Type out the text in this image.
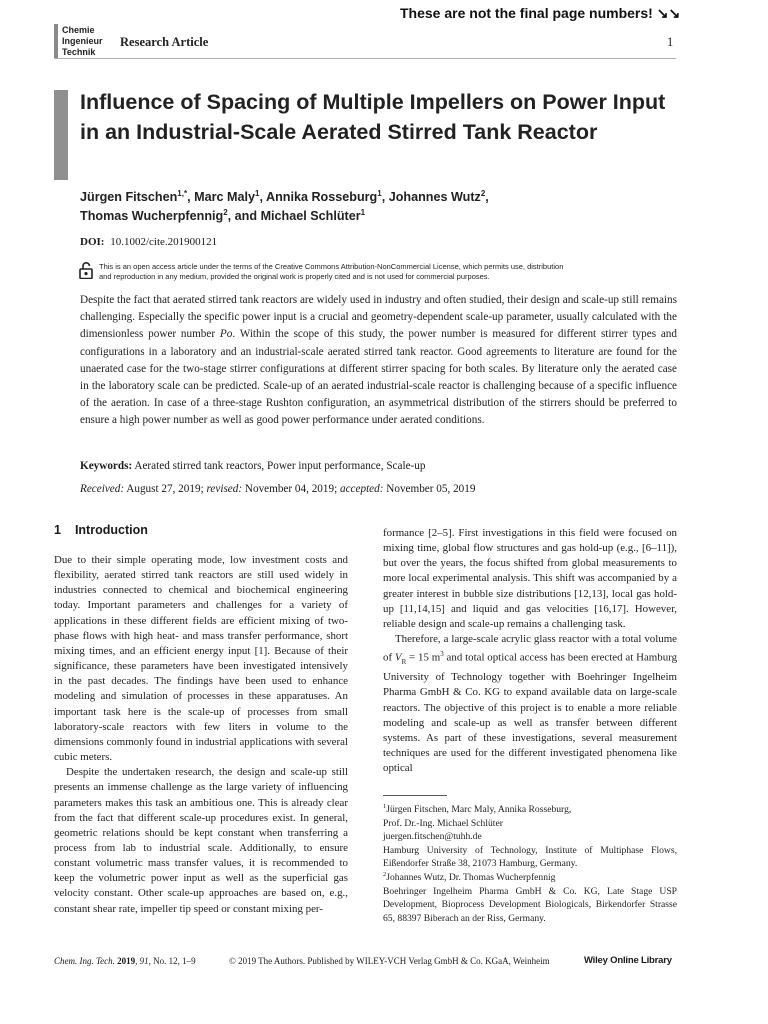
These are not the final page numbers! ↘↘
Chemie
Ingenieur
Technik
Research Article	1
Influence of Spacing of Multiple Impellers on Power Input in an Industrial-Scale Aerated Stirred Tank Reactor
Jürgen Fitschen$^{1,*}$, Marc Maly$^1$, Annika Rosseburg$^1$, Johannes Wutz$^2$,
Thomas Wucherpfennig$^2$, and Michael Schlüter$^1$
DOI: 10.1002/cite.201900121
This is an open access article under the terms of the Creative Commons Attribution-NonCommercial License, which permits use, distribution
and reproduction in any medium, provided the original work is properly cited and is not used for commercial purposes.
Despite the fact that aerated stirred tank reactors are widely used in industry and often studied, their design and scale-up still remains challenging. Especially the specific power input is a crucial and geometry-dependent scale-up parameter, usually calculated with the dimensionless power number Po. Within the scope of this study, the power number is measured for different stirrer types and configurations in a laboratory and an industrial-scale aerated stirred tank reactor. Good agreements to literature are found for the unaerated case for the two-stage stirrer configurations at different stirrer spacing for both scales. By literature only the aerated case in the laboratory scale can be predicted. Scale-up of an aerated industrial-scale reactor is challenging because of a specific influence of the aeration. In case of a three-stage Rushton configuration, an asymmetrical distribution of the stirrers should be preferred to ensure a high power number as well as good power performance under aerated conditions.
Keywords: Aerated stirred tank reactors, Power input performance, Scale-up
Received: August 27, 2019; revised: November 04, 2019; accepted: November 05, 2019
1 Introduction

Due to their simple operating mode, low investment costs and flexibility, aerated stirred tank reactors are still used widely in industries connected to chemical and biochemical engineering today. Important parameters and challenges for a variety of applications in these different fields are efficient mixing of two-phase flows with high heat- and mass transfer performance, short mixing times, and an efficient energy input [1]. Because of their significance, these parameters have been investigated intensively in the past decades. The findings have been used to enhance modeling and simulation of processes in these apparatuses. An important task here is the scale-up of processes from small laboratory-scale reactors with few liters in volume to the dimensions commonly found in industrial applications with several cubic meters.

Despite the undertaken research, the design and scale-up still presents an immense challenge as the large variety of influencing parameters makes this task an ambitious one. This is already clear from the fact that different scale-up procedures exist. In general, geometric relations should be kept constant when transferring a process from lab to industrial scale. Additionally, to ensure constant volumetric mass transfer values, it is recommended to keep the volumetric power input as well as the superficial gas velocity constant. Other scale-up approaches are based on, e.g., constant shear rate, impeller tip speed or constant mixing per-

formance [2–5]. First investigations in this field were focused on mixing time, global flow structures and gas hold-up (e.g., [6–11]), but over the years, the focus shifted from global measurements to more local experimental analysis. This shift was accompanied by a greater interest in bubble size distributions [12,13], local gas hold-up [11,14,15] and liquid and gas velocities [16,17]. However, reliable design and scale-up remains a challenging task.

Therefore, a large-scale acrylic glass reactor with a total volume of $V_R = 15$ $m^3$ and total optical access has been erected at Hamburg University of Technology together with Boehringer Ingelheim Pharma GmbH & Co. KG to expand available data on large-scale reactors. The objective of this project is to enable a more reliable modeling and scale-up as well as transfer between different systems. As part of these investigations, several measurement techniques are used for the different investigated phenomena like optical

$^1$Jürgen Fitschen, Marc Maly, Annika Rosseburg,

Prof. Dr.-Ing. Michael Schlüter

juergen.fitschen@tuhh.de

Hamburg University of Technology, Institute of Multiphase Flows, Eißendorfer Straße 38, 21073 Hamburg, Germany.

$^2$Johannes Wutz, Dr. Thomas Wucherpfennig

Boehringer Ingelheim Pharma GmbH & Co. KG, Late Stage USP Development, Bioprocess Development Biologicals, Birkendorfer Strasse 65, 88397 Biberach an der Riss, Germany.

Chem. Ing. Tech. 2019, 91, No. 12, 1–9	© 2019 The Authors. Published by WILEY-VCH Verlag GmbH & Co. KGaA, Weinheim	Wiley Online Library
